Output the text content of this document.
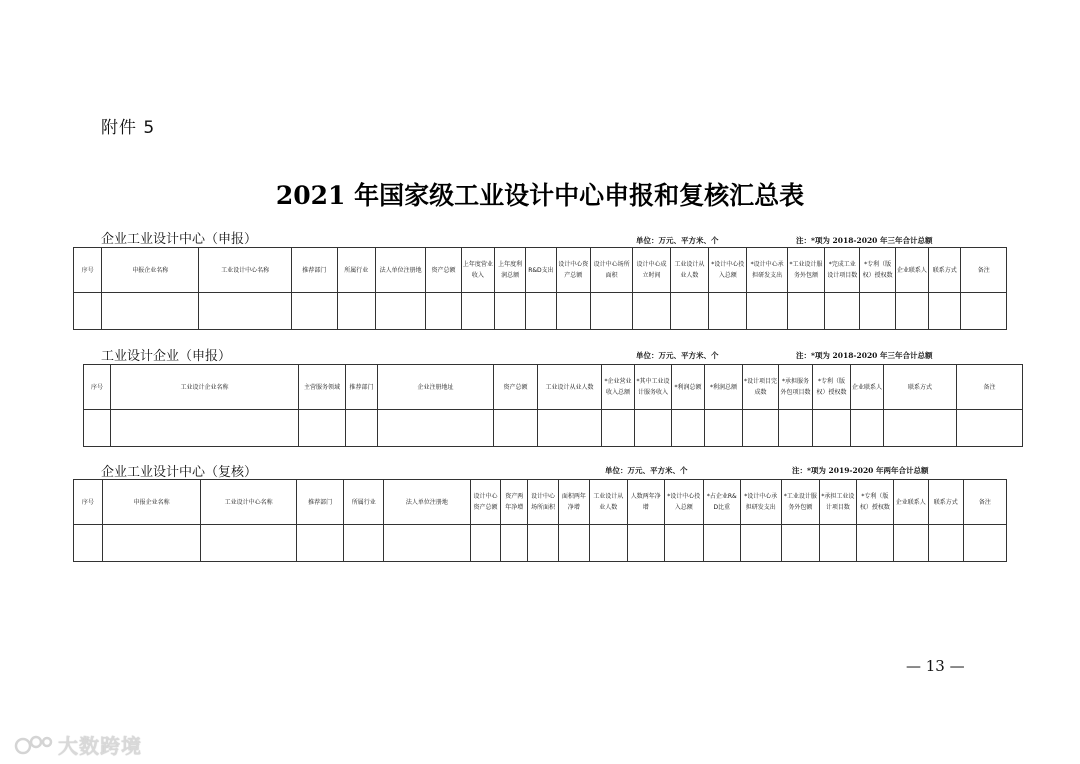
附件 5
2021 年国家级工业设计中心申报和复核汇总表
企业工业设计中心（申报）	单位：万元、平方米、个	注：*项为 2018-2020 年三年合计总额
序号	申报企业名称	工业设计中心名称	推荐部门	所属行业	法人单位注册地	资产总额	上年度营业收入	上年度利润总额	R&D支出	设计中心资产总额	设计中心场所面积	设计中心成立时间	工业设计从业人数	*设计中心投入总额	*设计中心承担研发支出	*工业设计服务外包额	*完成工业设计项目数	*专利（版权）授权数	企业联系人	联系方式	备注

工业设计企业（申报）	单位：万元、平方米、个	注：*项为 2018-2020 年三年合计总额
序号	工业设计企业名称	主营服务领域	推荐部门	企业注册地址	资产总额	工业设计从业人数	*企业营业收入总额	*其中工业设计服务收入	*利润总额	*利润总额	*设计项目完成数	*承担服务外包项目数	*专利（版权）授权数	企业联系人	联系方式	备注

企业工业设计中心（复核）	单位：万元、平方米、个	注：*项为 2019-2020 年两年合计总额
序号	申报企业名称	工业设计中心名称	推荐部门	所属行业	法人单位注册地	设计中心资产总额	资产两年净增	设计中心场所面积	面积两年净增	工业设计从业人数	人数两年净增	*设计中心投入总额	*占企业R&D比重	*设计中心承担研发支出	*工业设计服务外包额	*承担工业设计项目数	*专利（版权）授权数	企业联系人	联系方式	备注

— 13 —
大数跨境
